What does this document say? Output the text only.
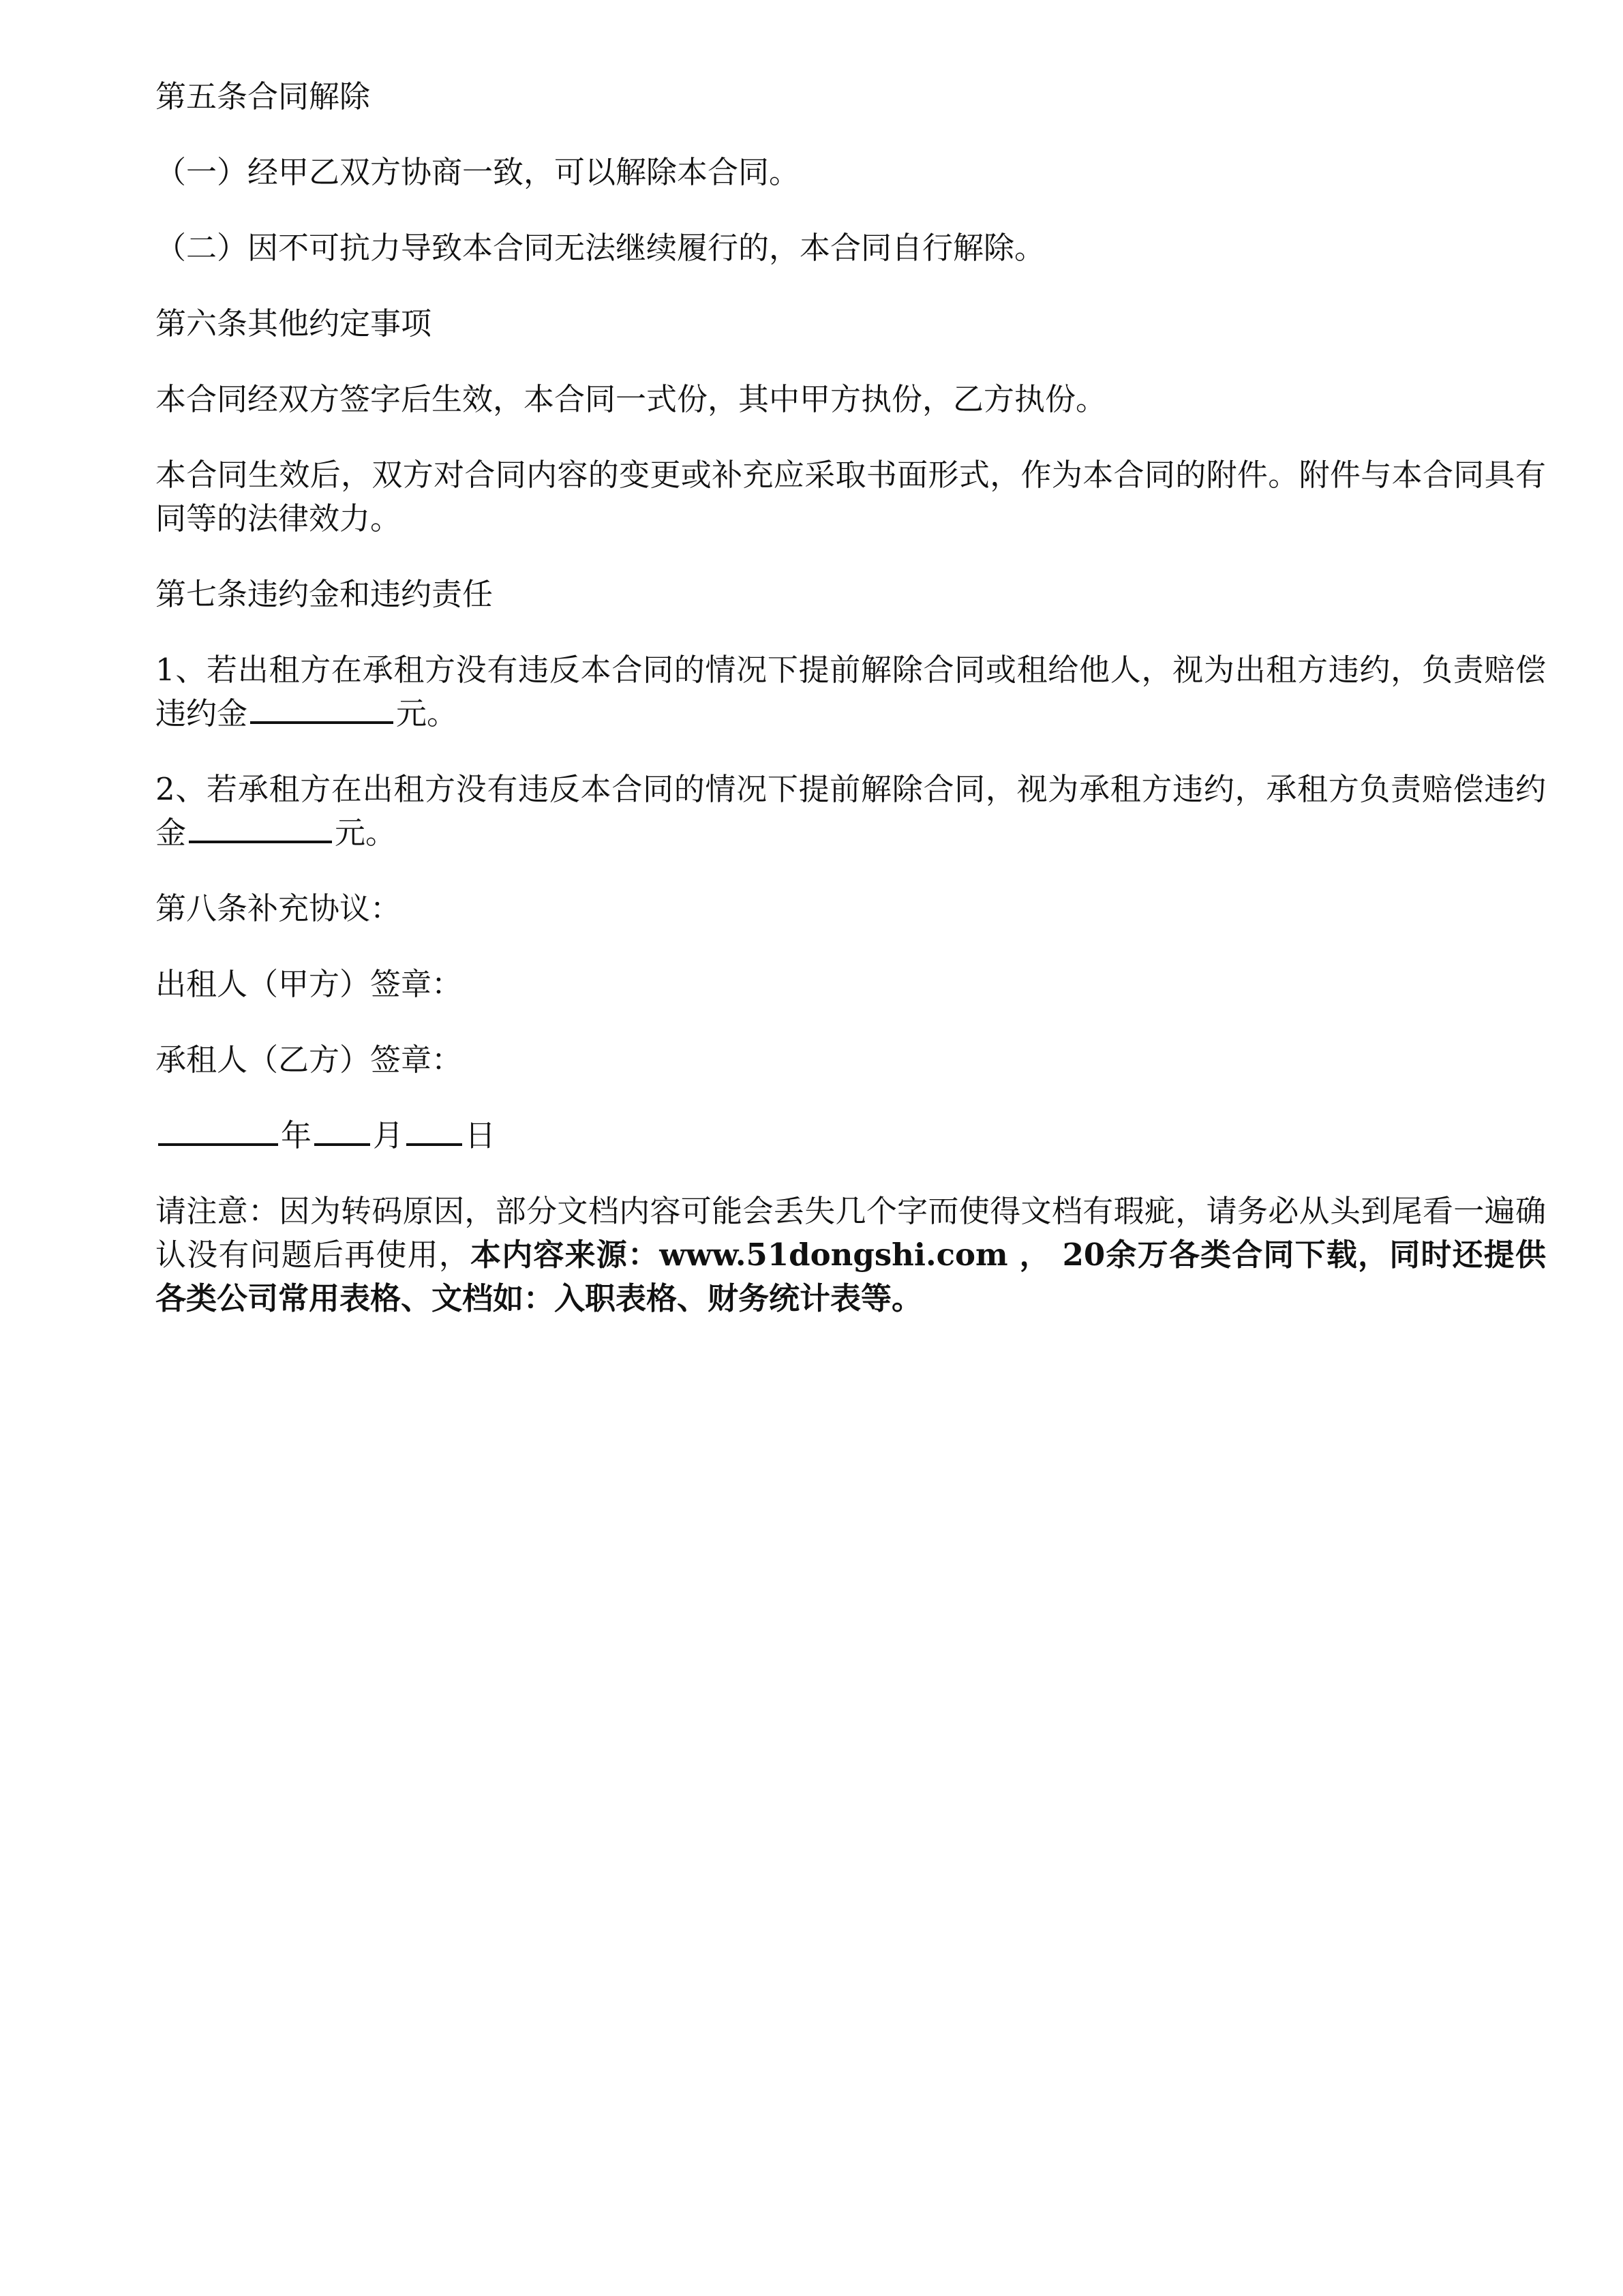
第五条合同解除

（一）经甲乙双方协商一致，可以解除本合同。

（二）因不可抗力导致本合同无法继续履行的，本合同自行解除。

第六条其他约定事项

本合同经双方签字后生效，本合同一式份，其中甲方执份，乙方执份。

本合同生效后，双方对合同内容的变更或补充应采取书面形式，作为本合同的附件。附件与本合同具有同等的法律效力。

第七条违约金和违约责任

1、若出租方在承租方没有违反本合同的情况下提前解除合同或租给他人，视为出租方违约，负责赔偿违约金	元。

2、若承租方在出租方没有违反本合同的情况下提前解除合同，视为承租方违约，承租方负责赔偿违约金	元。

第八条补充协议：

出租人（甲方）签章：

承租人（乙方）签章：

年 月 日

请注意：因为转码原因，部分文档内容可能会丢失几个字而使得文档有瑕疵，请务必从头到尾看一遍确认没有问题后再使用，本内容来源：www.51dongshi.com ， 20余万各类合同下载，同时还提供各类公司常用表格、文档如：入职表格、财务统计表等。
